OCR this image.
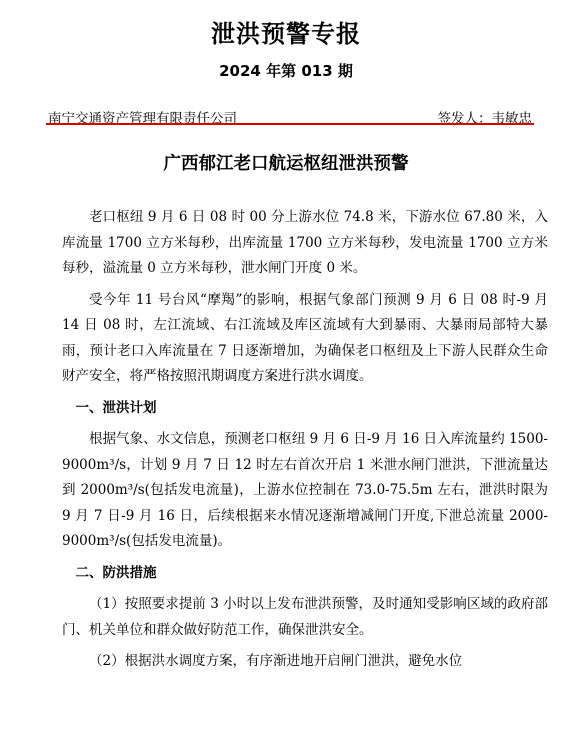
泄洪预警专报
2024 年第 013 期
南宁交通资产管理有限责任公司	签发人：韦敏忠
广西郁江老口航运枢纽泄洪预警

老口枢纽 9 月 6 日 08 时 00 分上游水位 74.8 米，下游水位 67.80 米，入库流量 1700 立方米每秒，出库流量 1700 立方米每秒，发电流量 1700 立方米每秒，溢流量 0 立方米每秒，泄水闸门开度 0 米。

受今年 11 号台风“摩羯”的影响，根据气象部门预测 9 月 6 日 08 时-9 月 14 日 08 时，左江流域、右江流域及库区流域有大到暴雨、大暴雨局部特大暴雨，预计老口入库流量在 7 日逐渐增加，为确保老口枢纽及上下游人民群众生命财产安全，将严格按照汛期调度方案进行洪水调度。

一、泄洪计划

根据气象、水文信息，预测老口枢纽 9 月 6 日-9 月 16 日入库流量约 1500-9000m³/s，计划 9 月 7 日 12 时左右首次开启 1 米泄水闸门泄洪，下泄流量达到 2000m³/s(包括发电流量)，上游水位控制在 73.0-75.5m 左右，泄洪时限为 9 月 7 日-9 月 16 日，后续根据来水情况逐渐增减闸门开度,下泄总流量 2000-9000m³/s(包括发电流量)。

二、防洪措施

（1）按照要求提前 3 小时以上发布泄洪预警，及时通知受影响区域的政府部门、机关单位和群众做好防范工作，确保泄洪安全。

（2）根据洪水调度方案，有序渐进地开启闸门泄洪，避免水位
